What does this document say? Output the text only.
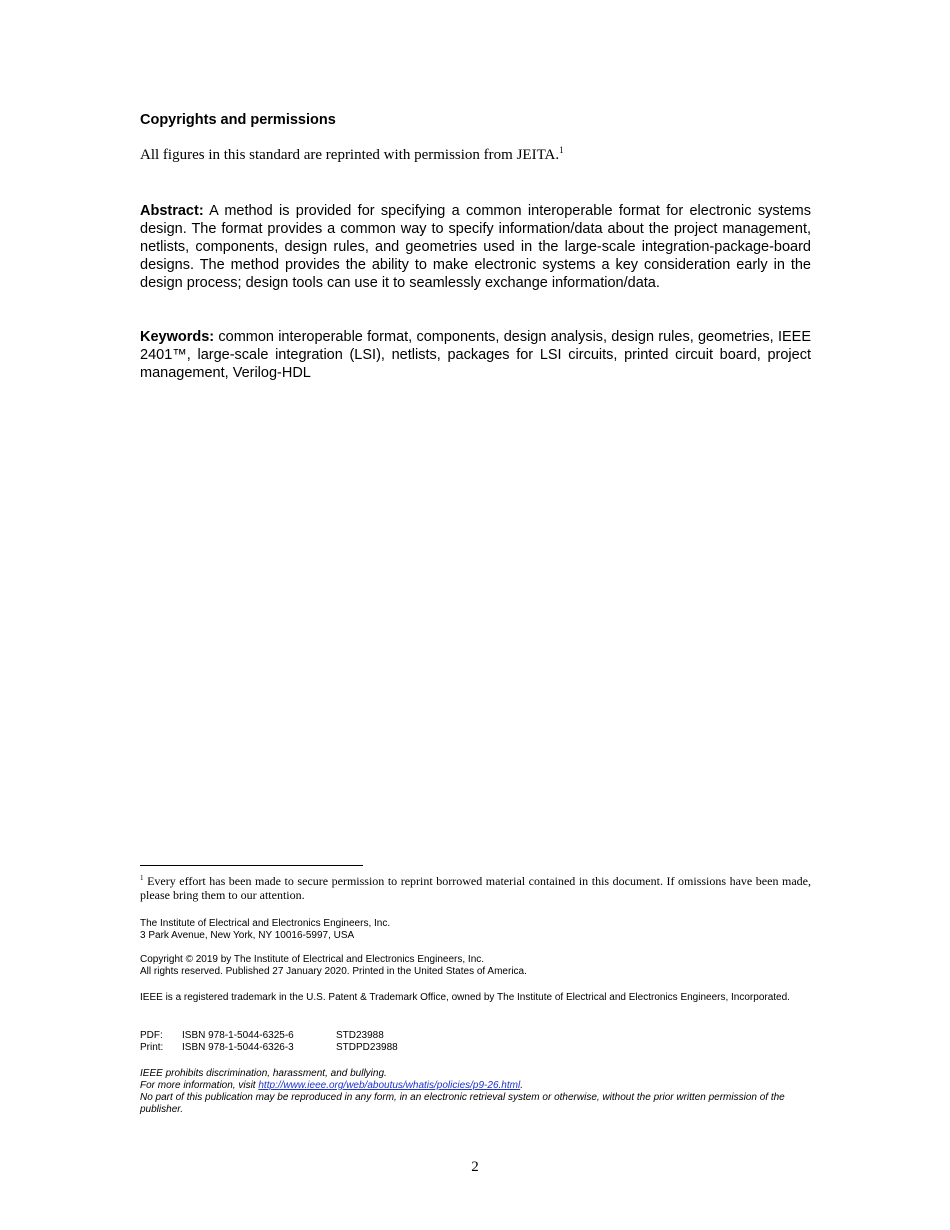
Copyrights and permissions
All figures in this standard are reprinted with permission from JEITA.$^1$
Abstract: A method is provided for specifying a common interoperable format for electronic systems design. The format provides a common way to specify information/data about the project management, netlists, components, design rules, and geometries used in the large-scale integration-package-board designs. The method provides the ability to make electronic systems a key consideration early in the design process; design tools can use it to seamlessly exchange information/data.
Keywords: common interoperable format, components, design analysis, design rules, geometries, IEEE 2401™, large-scale integration (LSI), netlists, packages for LSI circuits, printed circuit board, project management, Verilog-HDL
$^1$ Every effort has been made to secure permission to reprint borrowed material contained in this document. If omissions have been made, please bring them to our attention.
The Institute of Electrical and Electronics Engineers, Inc.
3 Park Avenue, New York, NY 10016-5997, USA
Copyright © 2019 by The Institute of Electrical and Electronics Engineers, Inc.
All rights reserved. Published 27 January 2020. Printed in the United States of America.
IEEE is a registered trademark in the U.S. Patent & Trademark Office, owned by The Institute of Electrical and Electronics Engineers, Incorporated.
PDF:	ISBN 978-1-5044-6325-6	STD23988
Print:	ISBN 978-1-5044-6326-3	STDPD23988
IEEE prohibits discrimination, harassment, and bullying.
For more information, visit http://www.ieee.org/web/aboutus/whatis/policies/p9-26.html.
No part of this publication may be reproduced in any form, in an electronic retrieval system or otherwise, without the prior written permission of the publisher.
2
